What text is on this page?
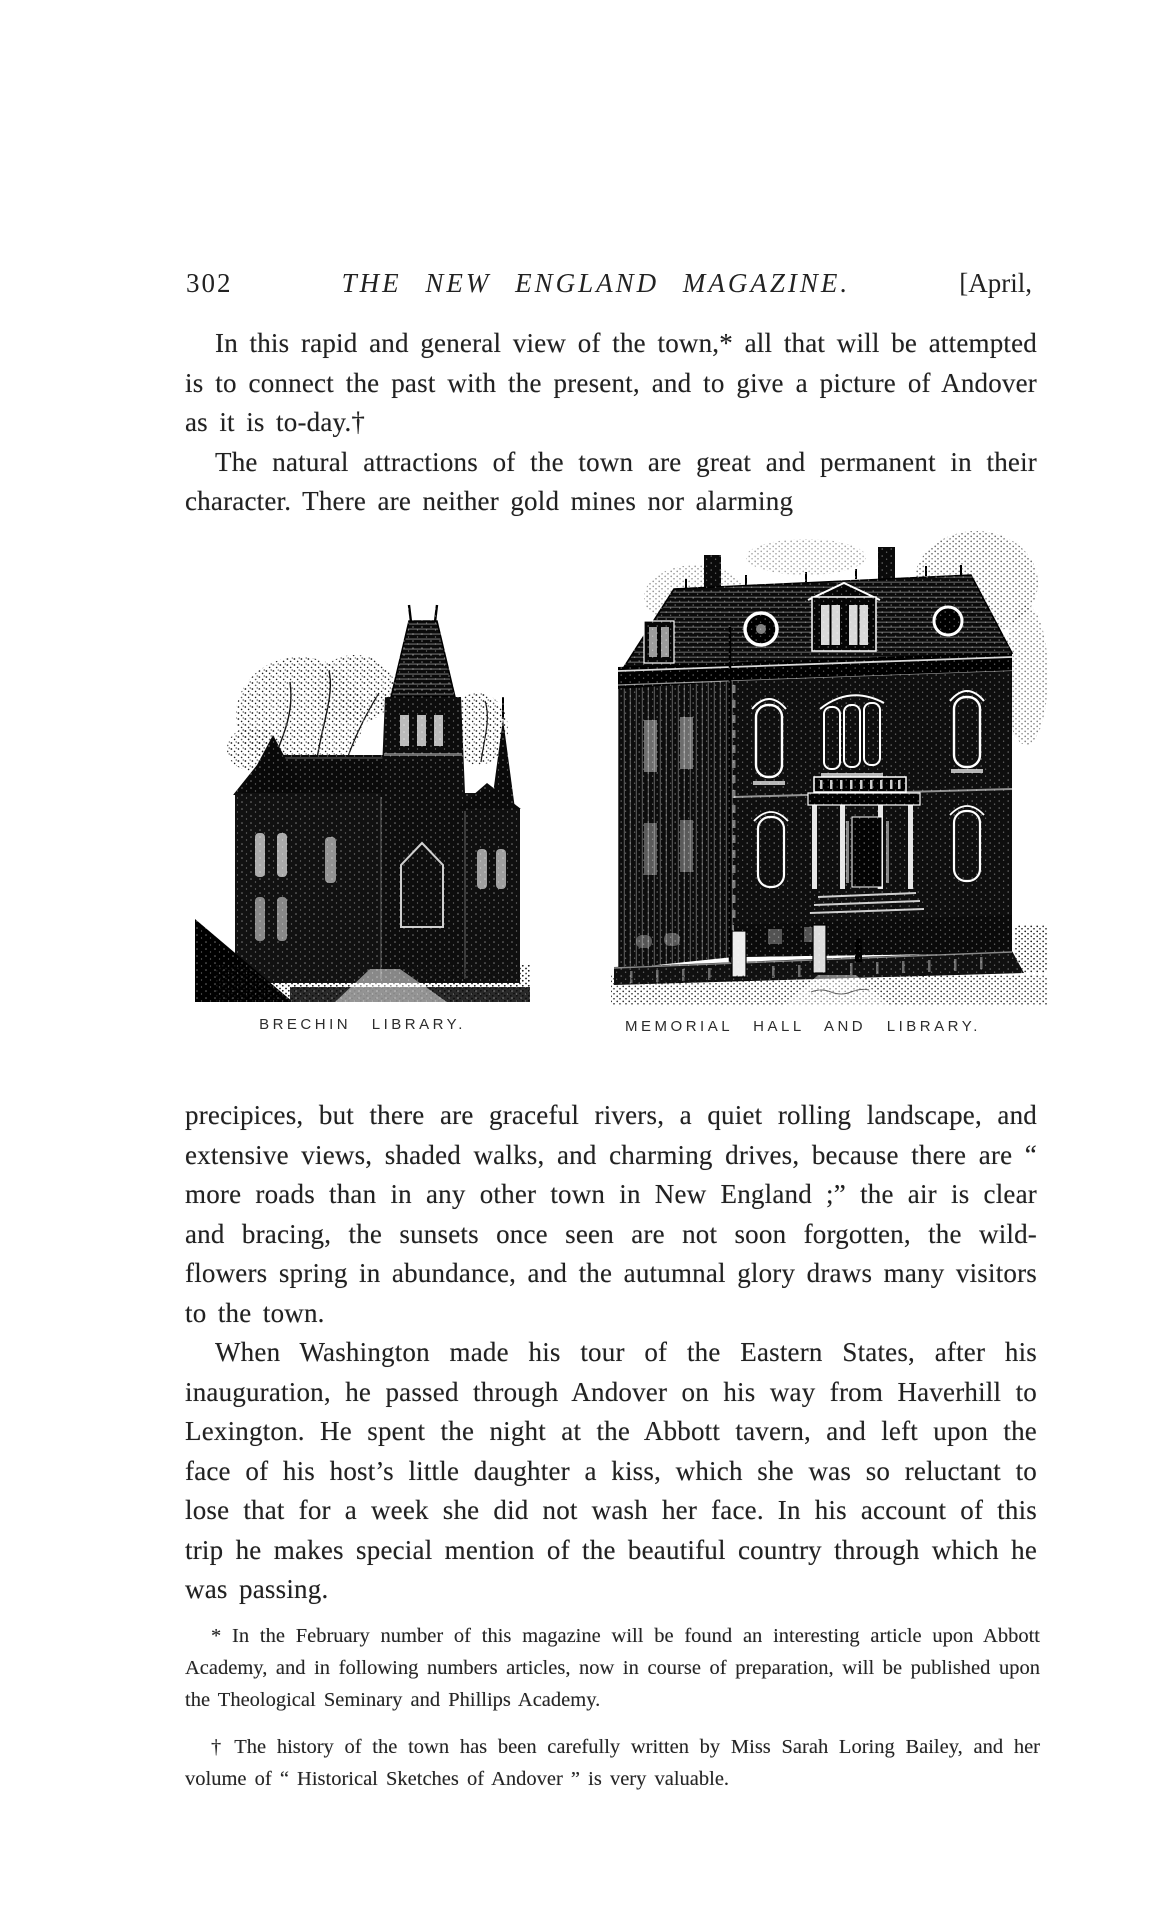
302	THE NEW ENGLAND MAGAZINE.	[April,

In this rapid and general view of the town,* all that will be attempted is to connect the past with the present, and to give a picture of Andover as it is to-day.†

The natural attractions of the town are great and permanent in their character. There are neither gold mines nor alarming

BRECHIN LIBRARY.	MEMORIAL HALL AND LIBRARY.

precipices, but there are graceful rivers, a quiet rolling landscape, and extensive views, shaded walks, and charming drives, because there are “ more roads than in any other town in New England ;” the air is clear and bracing, the sunsets once seen are not soon forgotten, the wild-flowers spring in abundance, and the autumnal glory draws many visitors to the town.

When Washington made his tour of the Eastern States, after his inauguration, he passed through Andover on his way from Haverhill to Lexington. He spent the night at the Abbott tavern, and left upon the face of his host’s little daughter a kiss, which she was so reluctant to lose that for a week she did not wash her face. In his account of this trip he makes special mention of the beautiful country through which he was passing.

* In the February number of this magazine will be found an interesting article upon Abbott Academy, and in following numbers articles, now in course of preparation, will be published upon the Theological Seminary and Phillips Academy.

† The history of the town has been carefully written by Miss Sarah Loring Bailey, and her volume of “ Historical Sketches of Andover ” is very valuable.
